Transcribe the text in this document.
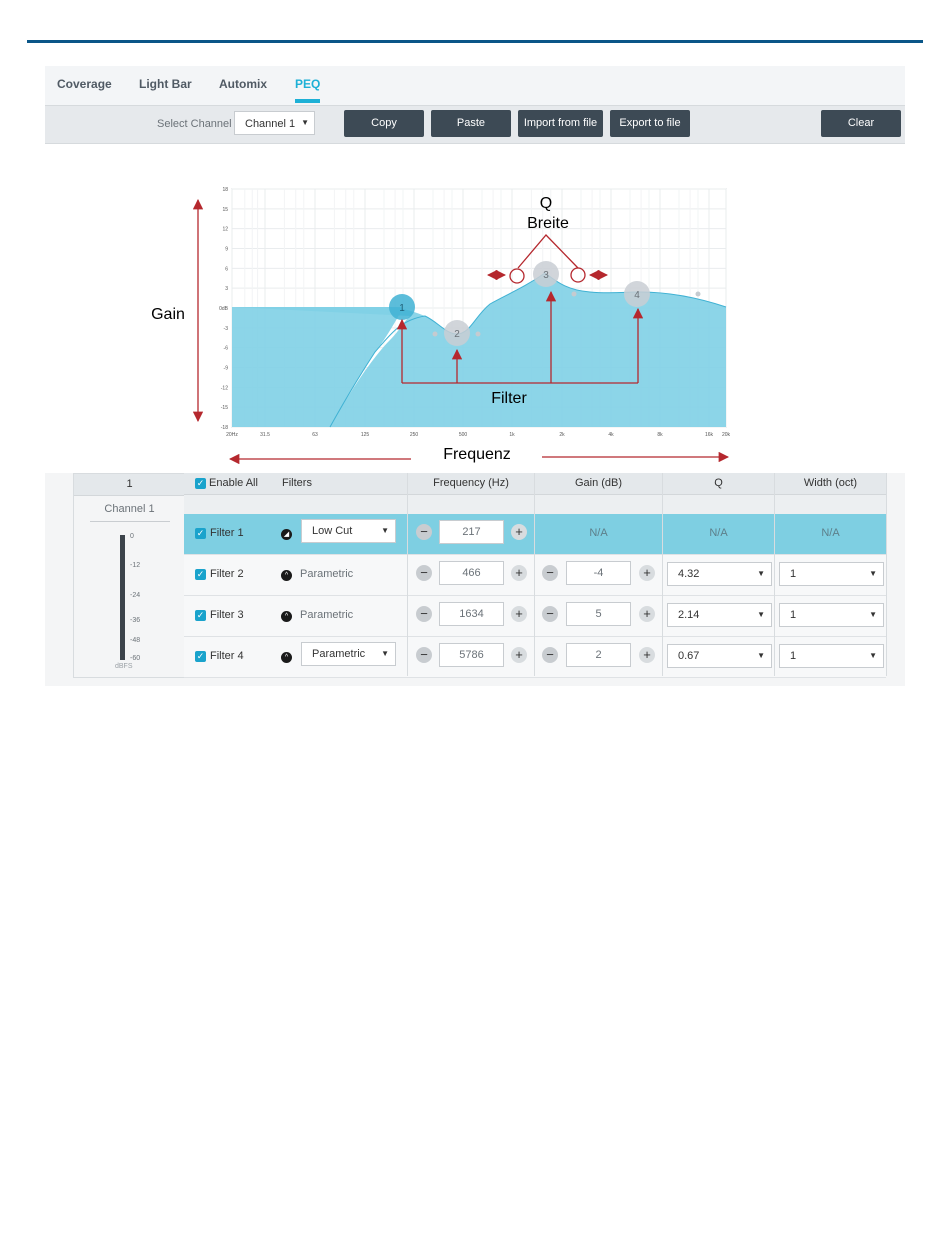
Coverage Light Bar Automix PEQ
Select Channel	Channel 1 ▼	Copy	Paste	Import from file	Export to file	Clear
18
15
12
9
6
3
0dB
-3
-6
-9
-12
-15
-18
20Hz	31.5	63	125	250	500	1k	2k	4k	8k	16k 20k
1
2
3
4
Gain
Q
Breite
Filter
Frequenz
1
Channel 1
0
-12
-24
-36
-48
-60
dBFS
✓ Enable All Filters	Frequency (Hz)	Gain (dB)	Q	Width (oct)
✓ Filter 1	◢	Low Cut	▼	−	217	+	N/A	N/A	N/A
✓ Filter 2	^	Parametric	−	466	+	−	-4	+	4.32	▼	1	▼
✓ Filter 3	^	Parametric	−	1634	+	−	5	+	2.14	▼	1	▼
✓ Filter 4	^	Parametric ▼	−	5786	+	−	2	+	0.67	▼	1	▼
